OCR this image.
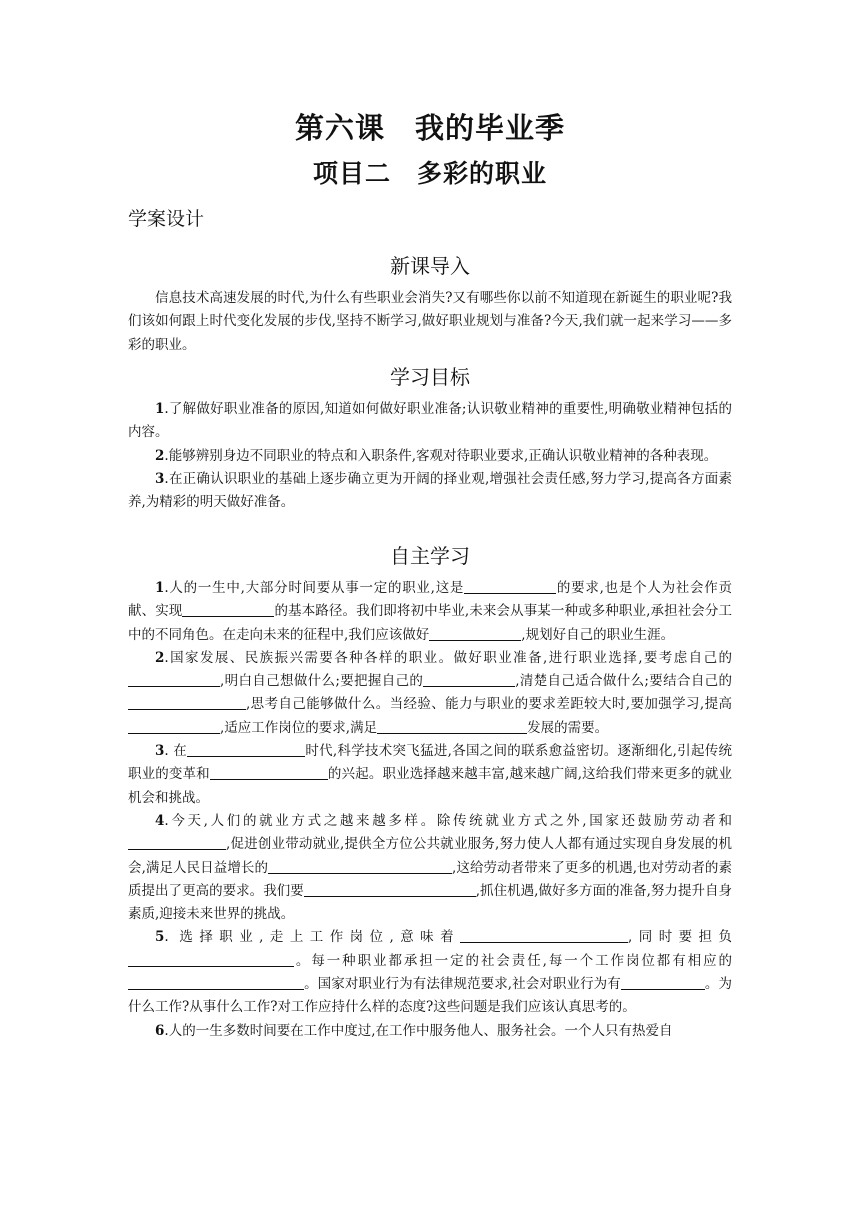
第六课　我的毕业季
项目二　多彩的职业
学案设计
新课导入

信息技术高速发展的时代,为什么有些职业会消失?又有哪些你以前不知道现在新诞生的职业呢?我们该如何跟上时代变化发展的步伐,坚持不断学习,做好职业规划与准备?今天,我们就一起来学习——多彩的职业。

学习目标

1.了解做好职业准备的原因,知道如何做好职业准备;认识敬业精神的重要性,明确敬业精神包括的内容。

2.能够辨别身边不同职业的特点和入职条件,客观对待职业要求,正确认识敬业精神的各种表现。

3.在正确认识职业的基础上逐步确立更为开阔的择业观,增强社会责任感,努力学习,提高各方面素养,为精彩的明天做好准备。

自主学习

1.人的一生中,大部分时间要从事一定的职业,这是	的要求,也是个人为社会作贡献、实现	的基本路径。我们即将初中毕业,未来会从事某一种或多种职业,承担社会分工中的不同角色。在走向未来的征程中,我们应该做好	,规划好自己的职业生涯。

2.国家发展、民族振兴需要各种各样的职业。做好职业准备,进行职业选择,要考虑自己的,明白自己想做什么;要把握自己的	,清楚自己适合做什么;要结合自己的,思考自己能够做什么。当经验、能力与职业的要求差距较大时,要加强学习,提高,适应工作岗位的要求,满足	发展的需要。

3. 在	时代,科学技术突飞猛进,各国之间的联系愈益密切。逐渐细化,引起传统职业的变革和	的兴起。职业选择越来越丰富,越来越广阔,这给我们带来更多的就业机会和挑战。

4.今天,人们的就业方式之越来越多样。除传统就业方式之外,国家还鼓励劳动者和,促进创业带动就业,提供全方位公共就业服务,努力使人人都有通过实现自身发展的机会,满足人民日益增长的	,这给劳动者带来了更多的机遇,也对劳动者的素质提出了更高的要求。我们要	,抓住机遇,做好多方面的准备,努力提升自身素质,迎接未来世界的挑战。

5. 选择职业,走上工作岗位,意味着	,同时要担负。每一种职业都承担一定的社会责任,每一个工作岗位都有相应的。国家对职业行为有法律规范要求,社会对职业行为有	。为什么工作?从事什么工作?对工作应持什么样的态度?这些问题是我们应该认真思考的。

6.人的一生多数时间要在工作中度过,在工作中服务他人、服务社会。一个人只有热爱自
